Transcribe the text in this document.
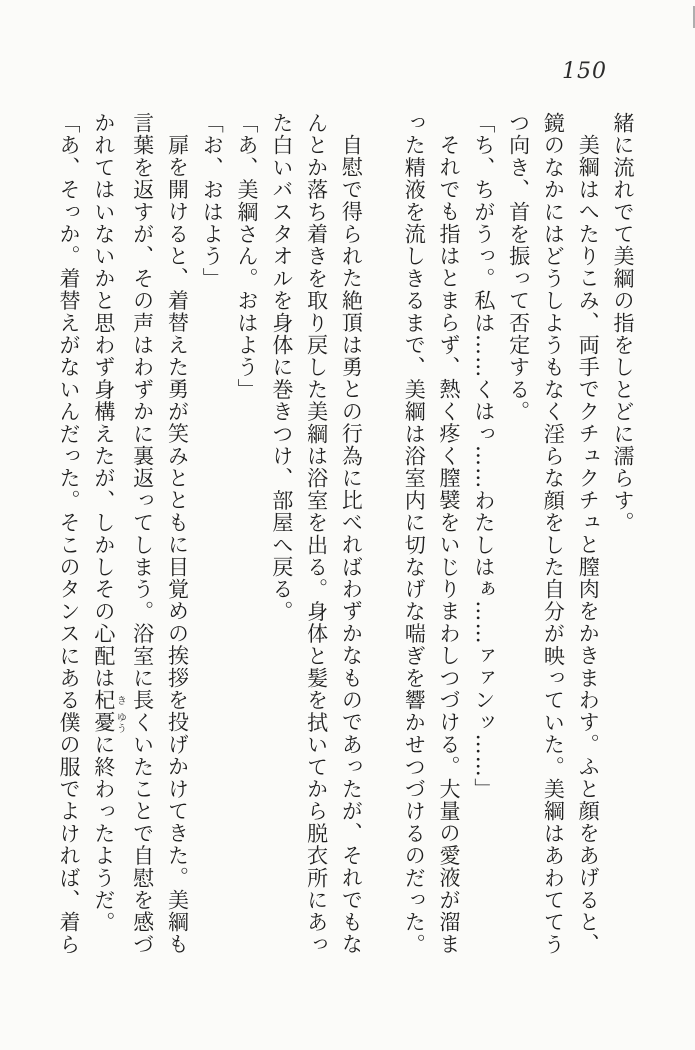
150
緒に流れでて美綱の指をしとどに濡らす。
美綱はへたりこみ、両手でクチュクチュと膣肉をかきまわす。ふと顔をあげると、
鏡のなかにはどうしようもなく淫らな顔をした自分が映っていた。美綱はあわててう
つ向き、首を振って否定する。
「ち、ちがうっ。私は……くはっ……わたしはぁ……ァァンッ……」
それでも指はとまらず、熱く疼く膣襞をいじりまわしつづける。大量の愛液が溜ま
った精液を流しきるまで、美綱は浴室内に切なげな喘ぎを響かせつづけるのだった。
自慰で得られた絶頂は勇との行為に比べればわずかなものであったが、それでもな
んとか落ち着きを取り戻した美綱は浴室を出る。身体と髪を拭いてから脱衣所にあっ
た白いバスタオルを身体に巻きつけ、部屋へ戻る。
「あ、美綱さん。おはよう」
「お、おはよう」
扉を開けると、着替えた勇が笑みとともに目覚めの挨拶を投げかけてきた。美綱も
言葉を返すが、その声はわずかに裏返ってしまう。浴室に長くいたことで自慰を感づ
かれてはいないかと思わず身構えたが、しかしその心配は杞き憂ゆうに終わったようだ。
「あ、そっか。着替えがないんだった。そこのタンスにある僕の服でよければ、着ら
